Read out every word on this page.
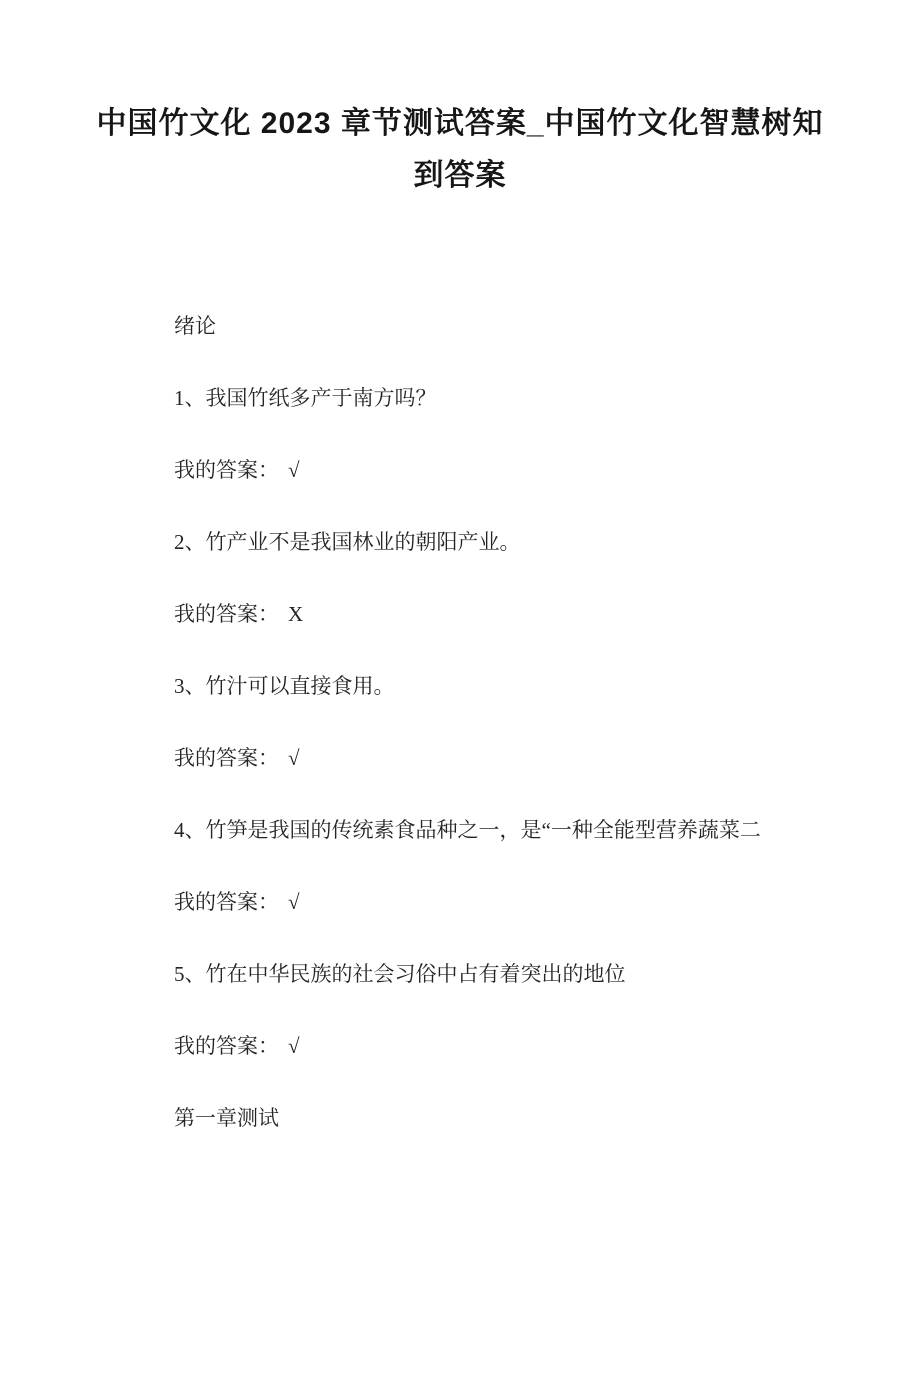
中国竹文化 2023 章节测试答案_中国竹文化智慧树知
到答案

绪论

1、我国竹纸多产于南方吗？

我的答案： √

2、竹产业不是我国林业的朝阳产业。

我的答案： X

3、竹汁可以直接食用。

我的答案： √

4、竹笋是我国的传统素食品种之一，是“一种全能型营养蔬菜二

我的答案： √

5、竹在中华民族的社会习俗中占有着突出的地位

我的答案： √

第一章测试
